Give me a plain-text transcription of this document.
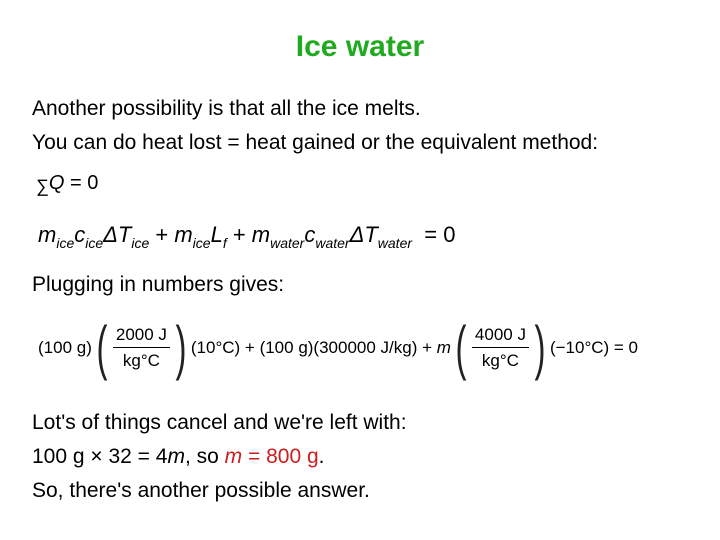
Ice water
Another possibility is that all the ice melts.
You can do heat lost = heat gained or the equivalent method:
∑Q = 0
$m_{ice}c_{ice}\Delta T_{ice} + m_{ice}L_f + m_{water}c_{water}\Delta T_{water} = 0$
Plugging in numbers gives:
(100 g) ( $\frac{2000 J}{kg^\circ C}$ ) (10°C) + (100 g)(300000 J/kg) + m ( $\frac{4000 J}{kg^\circ C}$ ) (−10°C) = 0
Lot's of things cancel and we're left with:
100 g × 32 = 4m, so m = 800 g.
So, there's another possible answer.
